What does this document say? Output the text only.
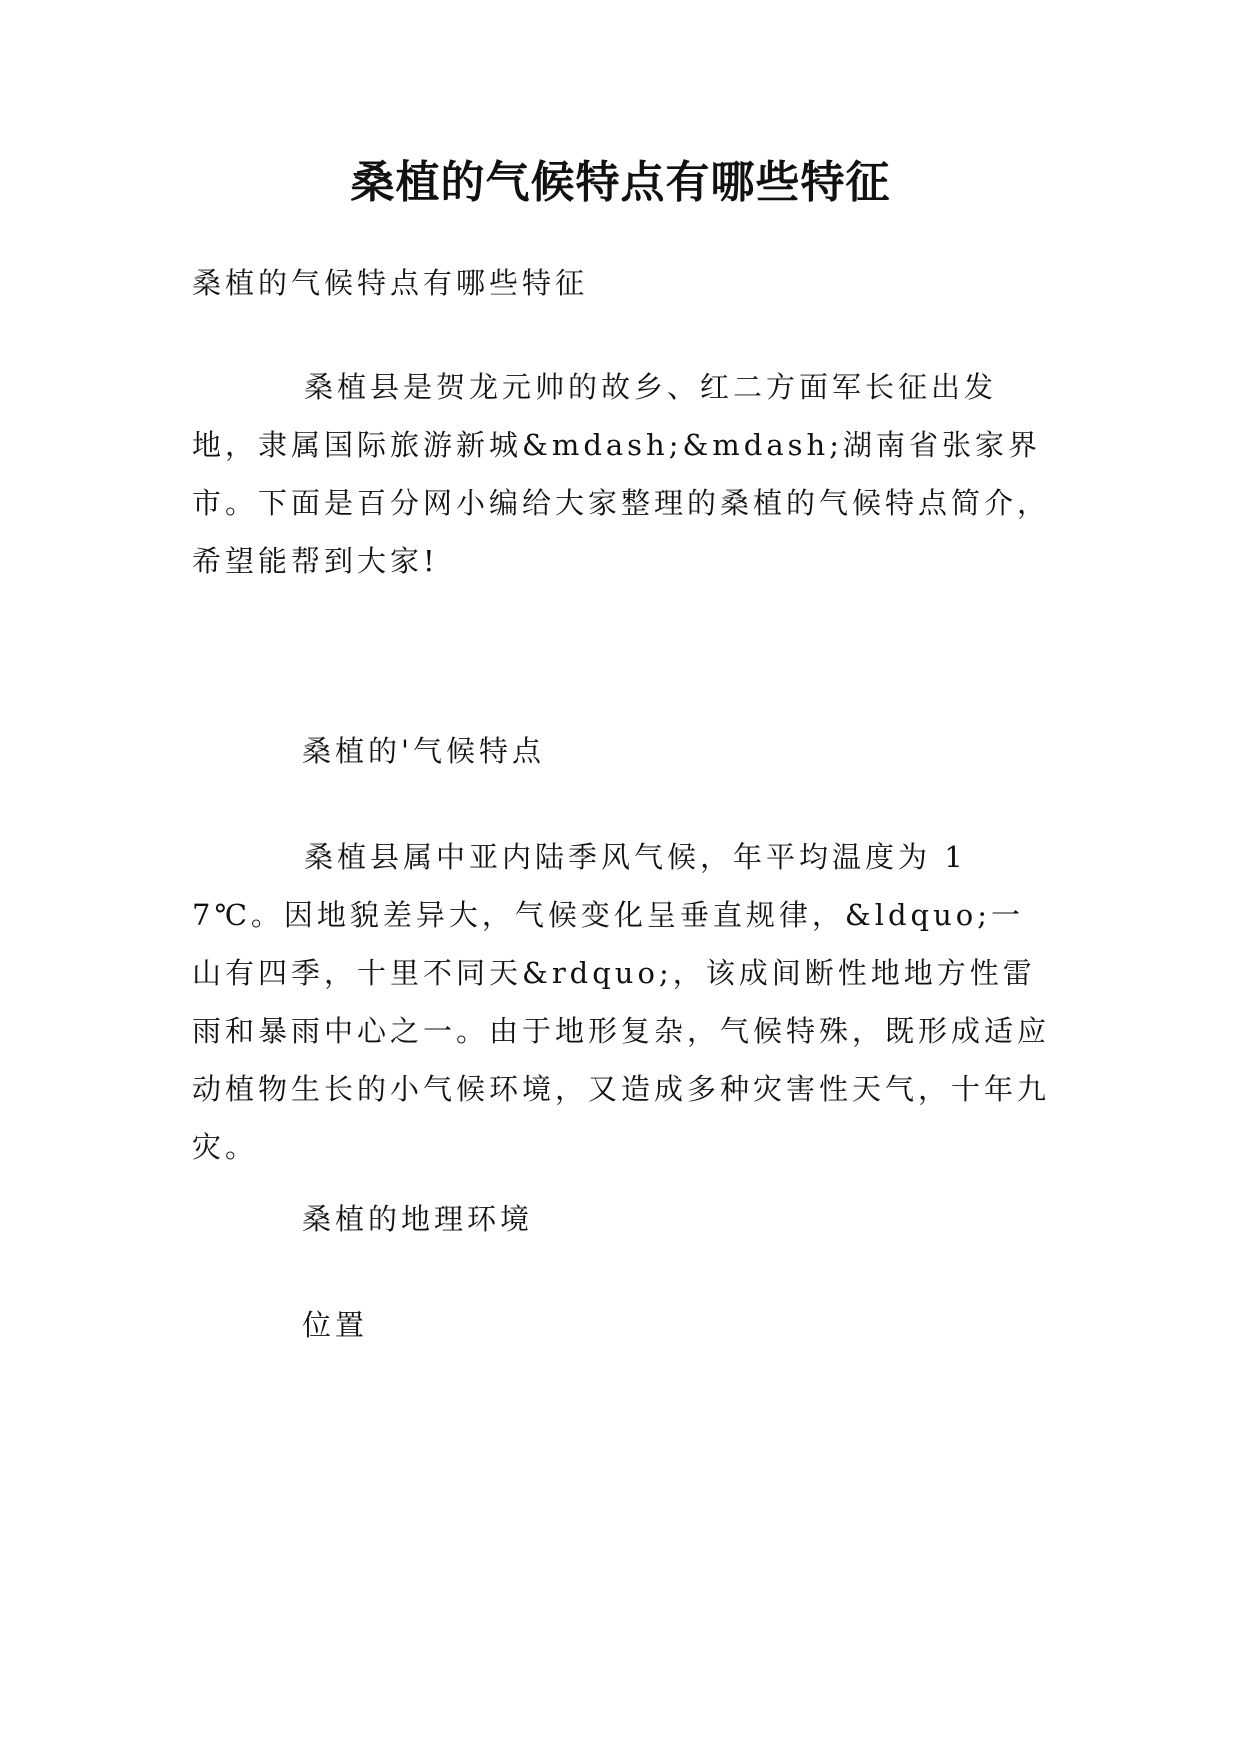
桑植的气候特点有哪些特征

桑植的气候特点有哪些特征

桑植县是贺龙元帅的故乡、红二方面军长征出发地，隶属国际旅游新城&mdash;&mdash;湖南省张家界市。下面是百分网小编给大家整理的桑植的气候特点简介，希望能帮到大家!

桑植的'气候特点

桑植县属中亚内陆季风气候，年平均温度为 17℃。因地貌差异大，气候变化呈垂直规律，&ldquo;一山有四季，十里不同天&rdquo;，该成间断性地地方性雷雨和暴雨中心之一。由于地形复杂，气候特殊，既形成适应动植物生长的小气候环境，又造成多种灾害性天气，十年九灾。

桑植的地理环境

位置
